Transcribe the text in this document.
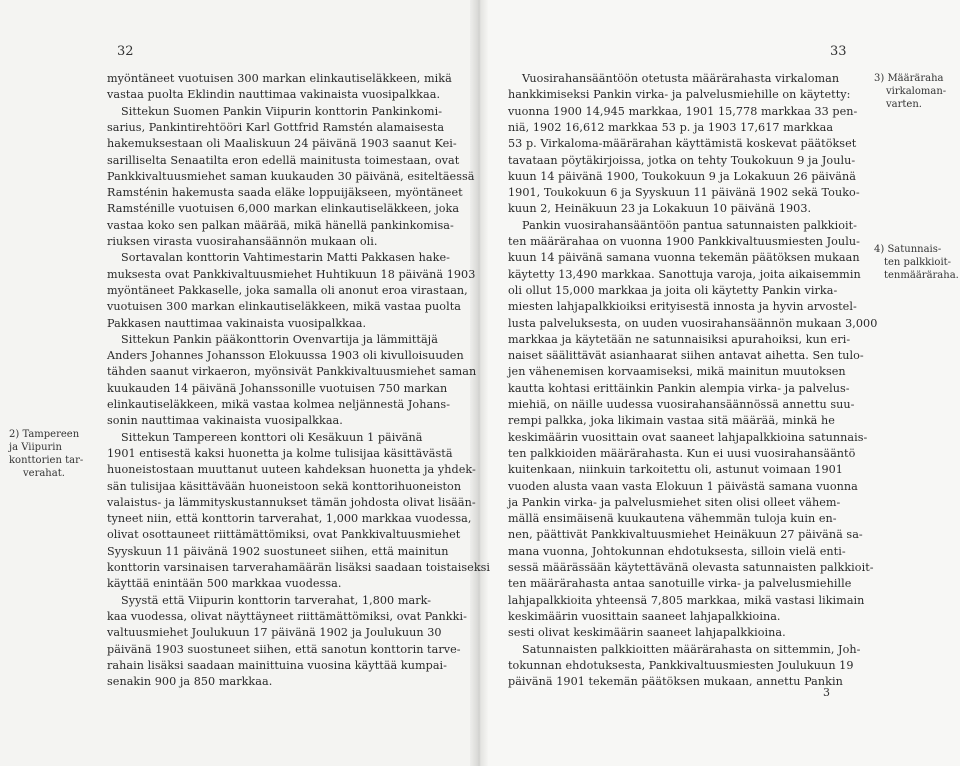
32	33
myöntäneet vuotuisen 300 markan elinkautiseläkkeen, mikä
vastaa puolta Eklindin nauttimaa vakinaista vuosipalkkaa.
Sittekun Suomen Pankin Viipurin konttorin Pankinkomi-
sarius, Pankintirehtööri Karl Gottfrid Ramstén alamaisesta
hakemuksestaan oli Maaliskuun 24 päivänä 1903 saanut Kei-
sarilliselta Senaatilta eron edellä mainitusta toimestaan, ovat
Pankkivaltuusmiehet saman kuukauden 30 päivänä, esiteltäessä
Ramsténin hakemusta saada eläke loppuijäkseen, myöntäneet
Ramsténille vuotuisen 6,000 markan elinkautiseläkkeen, joka
vastaa koko sen palkan määrää, mikä hänellä pankinkomisa-
riuksen virasta vuosirahansäännön mukaan oli.
Sortavalan konttorin Vahtimestarin Matti Pakkasen hake-
muksesta ovat Pankkivaltuusmiehet Huhtikuun 18 päivänä 1903
myöntäneet Pakkaselle, joka samalla oli anonut eroa virastaan,
vuotuisen 300 markan elinkautiseläkkeen, mikä vastaa puolta
Pakkasen nauttimaa vakinaista vuosipalkkaa.
Sittekun Pankin pääkonttorin Ovenvartija ja lämmittäjä
Anders Johannes Johansson Elokuussa 1903 oli kivulloisuuden
tähden saanut virkaeron, myönsivät Pankkivaltuusmiehet saman
kuukauden 14 päivänä Johanssonille vuotuisen 750 markan
elinkautiseläkkeen, mikä vastaa kolmea neljännestä Johans-
sonin nauttimaa vakinaista vuosipalkkaa.
Sittekun Tampereen konttori oli Kesäkuun 1 päivänä
1901 entisestä kaksi huonetta ja kolme tulisijaa käsittävästä
huoneistostaan muuttanut uuteen kahdeksan huonetta ja yhdek-
sän tulisijaa käsittävään huoneistoon sekä konttorihuoneiston
valaistus- ja lämmityskustannukset tämän johdosta olivat lisään-
tyneet niin, että konttorin tarverahat, 1,000 markkaa vuodessa,
olivat osottauneet riittämättömiksi, ovat Pankkivaltuusmiehet
Syyskuun 11 päivänä 1902 suostuneet siihen, että mainitun
konttorin varsinaisen tarverahamäärän lisäksi saadaan toistaiseksi
käyttää enintään 500 markkaa vuodessa.
Syystä että Viipurin konttorin tarverahat, 1,800 mark-
kaa vuodessa, olivat näyttäyneet riittämättömiksi, ovat Pankki-
valtuusmiehet Joulukuun 17 päivänä 1902 ja Joulukuun 30
päivänä 1903 suostuneet siihen, että sanotun konttorin tarve-
rahain lisäksi saadaan mainittuina vuosina käyttää kumpai-
senakin 900 ja 850 markkaa.
Vuosirahansääntöön otetusta määrärahasta virkaloman
hankkimiseksi Pankin virka- ja palvelusmiehille on käytetty:
vuonna 1900 14,945 markkaa, 1901 15,778 markkaa 33 pen-
niä, 1902 16,612 markkaa 53 p. ja 1903 17,617 markkaa
53 p. Virkaloma-määrärahan käyttämistä koskevat päätökset
tavataan pöytäkirjoissa, jotka on tehty Toukokuun 9 ja Joulu-
kuun 14 päivänä 1900, Toukokuun 9 ja Lokakuun 26 päivänä
1901, Toukokuun 6 ja Syyskuun 11 päivänä 1902 sekä Touko-
kuun 2, Heinäkuun 23 ja Lokakuun 10 päivänä 1903.
Pankin vuosirahansääntöön pantua satunnaisten palkkioit-
ten määrärahaa on vuonna 1900 Pankkivaltuusmiesten Joulu-
kuun 14 päivänä samana vuonna tekemän päätöksen mukaan
käytetty 13,490 markkaa. Sanottuja varoja, joita aikaisemmin
oli ollut 15,000 markkaa ja joita oli käytetty Pankin virka-
miesten lahjapalkkioiksi erityisestä innosta ja hyvin arvostel-
lusta palveluksesta, on uuden vuosirahansäännön mukaan 3,000
markkaa ja käytetään ne satunnaisiksi apurahoiksi, kun eri-
naiset säälittävät asianhaarat siihen antavat aihetta. Sen tulo-
jen vähenemisen korvaamiseksi, mikä mainitun muutoksen
kautta kohtasi erittäinkin Pankin alempia virka- ja palvelus-
miehiä, on näille uudessa vuosirahansäännössä annettu suu-
rempi palkka, joka likimain vastaa sitä määrää, minkä he
keskimäärin vuosittain ovat saaneet lahjapalkkioina satunnais-
ten palkkioiden määrärahasta. Kun ei uusi vuosirahansääntö
kuitenkaan, niinkuin tarkoitettu oli, astunut voimaan 1901
vuoden alusta vaan vasta Elokuun 1 päivästä samana vuonna
ja Pankin virka- ja palvelusmiehet siten olisi olleet vähem-
mällä ensimäisenä kuukautena vähemmän tuloja kuin en-
nen, päättivät Pankkivaltuusmiehet Heinäkuun 27 päivänä sa-
mana vuonna, Johtokunnan ehdotuksesta, silloin vielä enti-
sessä määrässään käytettävänä olevasta satunnaisten palkkioit-
ten määrärahasta antaa sanotuille virka- ja palvelusmiehille
lahjapalkkioita yhteensä 7,805 markkaa, mikä vastasi likimain
keskimäärin vuosittain saaneet lahjapalkkioina.
sesti olivat keskimäärin saaneet lahjapalkkioina.
Satunnaisten palkkioitten määrärahasta on sittemmin, Joh-
tokunnan ehdotuksesta, Pankkivaltuusmiesten Joulukuun 19
päivänä 1901 tekemän päätöksen mukaan, annettu Pankin
2) Tampereen
ja Viipurin
konttorien tar-
verahat.
3) Määräraha
virkaloman-
varten.
4) Satunnais-
ten palkkioit-
tenmääräraha.
3
